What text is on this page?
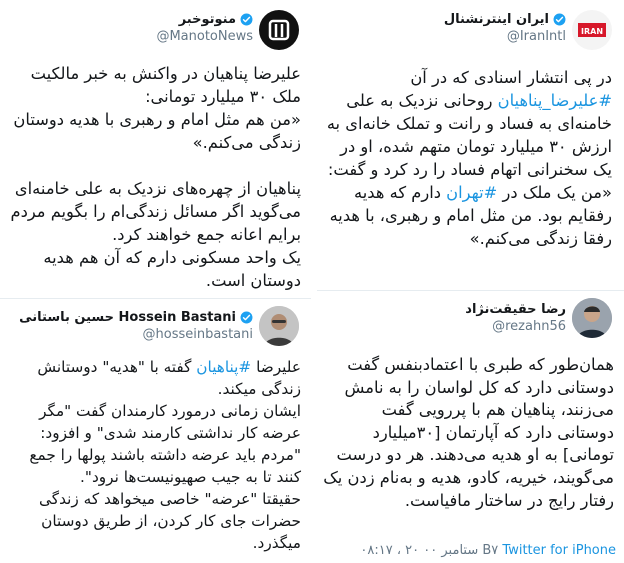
منوتوخبر
@ManotoNews
علیرضا پناهیان در واکنش به خبر مالکیت ملک ۳۰ میلیارد تومانی:
«من هم مثل امام و رهبری با هدیه دوستان زندگی می‌کنم.»

پناهیان از چهره‌های نزدیک به علی خامنه‌ای می‌گوید اگر مسائل زندگی‌ام را بگویم مردم برایم اعانه جمع خواهند کرد.
یک واحد مسکونی دارم که آن هم هدیه دوستان است.
ایران اینترنشنال
@IranIntl IRAN
در پی انتشار اسنادی که در آن
#علیرضا_پناهیان روحانی نزدیک به علی خامنه‌ای به فساد و رانت و تملک خانه‌ای به ارزش ۳۰ میلیارد تومان متهم شده، او در یک سخنرانی اتهام فساد را رد کرد و گفت: «من یک ملک در #تهران دارم که هدیه رفقایم بود. من مثل امام و رهبری، با هدیه رفقا زندگی می‌کنم.»
رضا حقیقت‌نژاد
@rezahn56
همان‌طور که طبری با اعتمادبنفس گفت دوستانی دارد که کل لواسان را به نامش می‌زنند، پناهیان هم با پررویی گفت دوستانی دارد که آپارتمان [۳۰میلیارد تومانی] به او هدیه می‌دهند. هر دو درست می‌گویند، خیریه، کادو، هدیه و به‌نام زدن یک رفتار رایج در ساختار مافیاست.
۰۸:۱۷ ، ۲۰ ستامبر ۰۰ B۷ Twitter for iPhone
Hossein Bastani حسین باستانی
@hosseinbastani
علیرضا #پناهیان گفته با "هدیه" دوستانش زندگی میکند.
ایشان زمانی درمورد کارمندان گفت "مگر عرضه کار نداشتی کارمند شدی" و افزود: "مردم باید عرضه داشته باشند پولها را جمع کنند تا به جیب صهیونیست‌ها نرود".
حقیقتا "عرضه" خاصی میخواهد که زندگی حضرات جای کار کردن، از طریق دوستان میگذرد.
